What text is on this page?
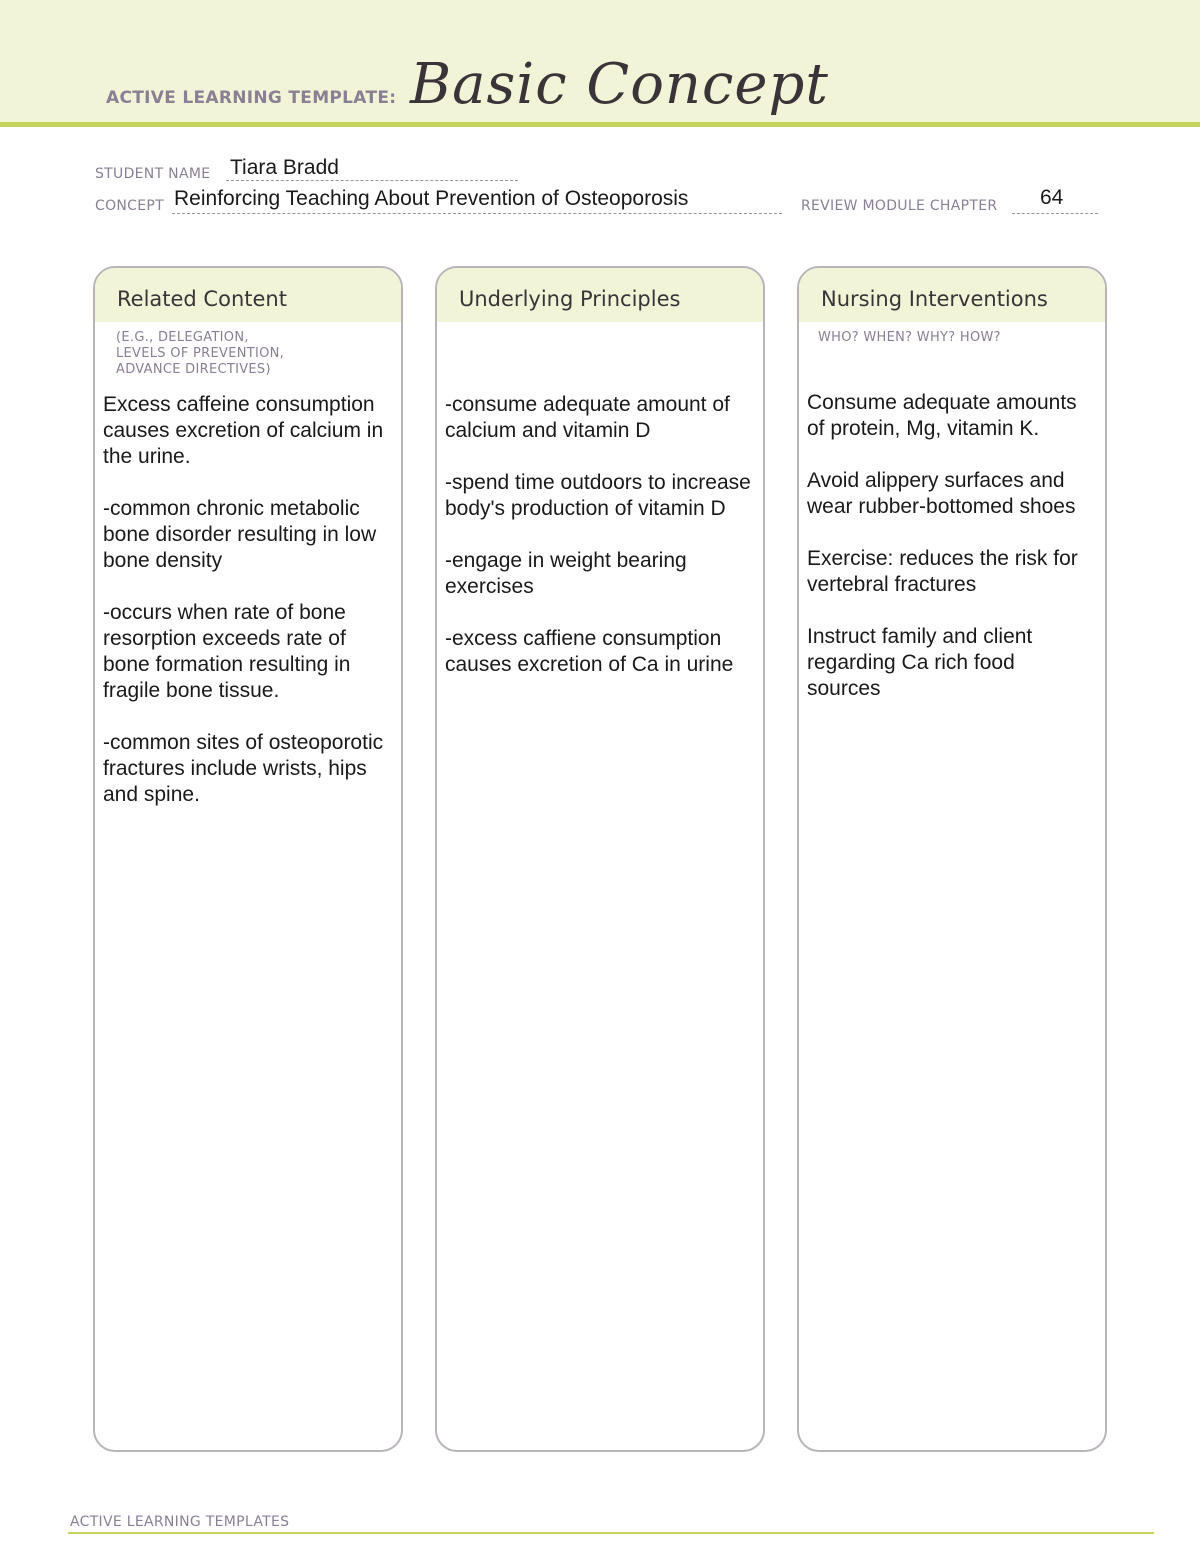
ACTIVE LEARNING TEMPLATE: Basic Concept
STUDENT NAME Tiara Bradd
CONCEPT Reinforcing Teaching About Prevention of Osteoporosis	REVIEW MODULE CHAPTER 64
Related Content
(E.G., DELEGATION,
LEVELS OF PREVENTION,
ADVANCE DIRECTIVES)

Excess caffeine consumption causes excretion of calcium in the urine.

-common chronic metabolic bone disorder resulting in low bone density

-occurs when rate of bone resorption exceeds rate of bone formation resulting in fragile bone tissue.

-common sites of osteoporotic fractures include wrists, hips and spine.

Underlying Principles

-consume adequate amount of calcium and vitamin D

-spend time outdoors to increase body's production of vitamin D

-engage in weight bearing exercises

-excess caffiene consumption causes excretion of Ca in urine

Nursing Interventions
WHO? WHEN? WHY? HOW?

Consume adequate amounts of protein, Mg, vitamin K.

Avoid alippery surfaces and wear rubber-bottomed shoes

Exercise: reduces the risk for vertebral fractures

Instruct family and client regarding Ca rich food sources

ACTIVE LEARNING TEMPLATES
